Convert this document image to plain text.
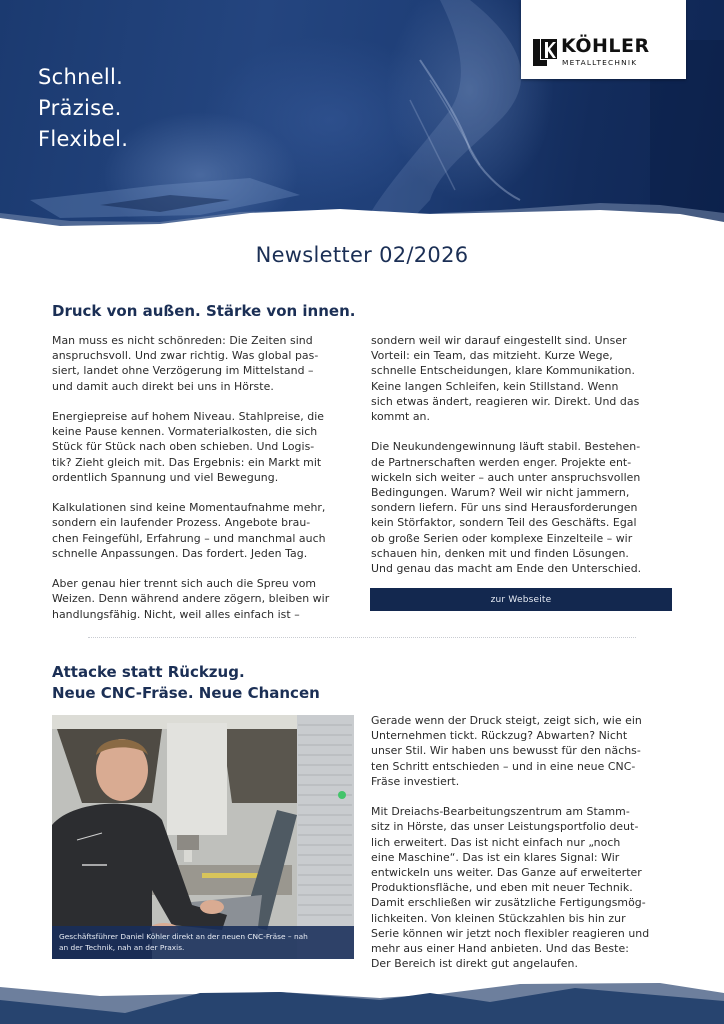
Schnell.
Präzise.
Flexibel.
KÖHLER
METALLTECHNIK
Newsletter 02/2026
Druck von außen. Stärke von innen.

Man muss es nicht schönreden: Die Zeiten sind
anspruchsvoll. Und zwar richtig. Was global pas-
siert, landet ohne Verzögerung im Mittelstand –
und damit auch direkt bei uns in Hörste.

Energiepreise auf hohem Niveau. Stahlpreise, die
keine Pause kennen. Vormaterialkosten, die sich
Stück für Stück nach oben schieben. Und Logis-
tik? Zieht gleich mit. Das Ergebnis: ein Markt mit
ordentlich Spannung und viel Bewegung.

Kalkulationen sind keine Momentaufnahme mehr,
sondern ein laufender Prozess. Angebote brau-
chen Feingefühl, Erfahrung – und manchmal auch
schnelle Anpassungen. Das fordert. Jeden Tag.

Aber genau hier trennt sich auch die Spreu vom
Weizen. Denn während andere zögern, bleiben wir
handlungsfähig. Nicht, weil alles einfach ist –

sondern weil wir darauf eingestellt sind. Unser
Vorteil: ein Team, das mitzieht. Kurze Wege,
schnelle Entscheidungen, klare Kommunikation.
Keine langen Schleifen, kein Stillstand. Wenn
sich etwas ändert, reagieren wir. Direkt. Und das
kommt an.

Die Neukundengewinnung läuft stabil. Bestehen-
de Partnerschaften werden enger. Projekte ent-
wickeln sich weiter – auch unter anspruchsvollen
Bedingungen. Warum? Weil wir nicht jammern,
sondern liefern. Für uns sind Herausforderungen
kein Störfaktor, sondern Teil des Geschäfts. Egal
ob große Serien oder komplexe Einzelteile – wir
schauen hin, denken mit und finden Lösungen.
Und genau das macht am Ende den Unterschied.

zur Webseite
Attacke statt Rückzug.
Neue CNC-Fräse. Neue Chancen
Geschäftsführer Daniel Köhler direkt an der neuen CNC-Fräse – nah
an der Technik, nah an der Praxis.

Gerade wenn der Druck steigt, zeigt sich, wie ein
Unternehmen tickt. Rückzug? Abwarten? Nicht
unser Stil. Wir haben uns bewusst für den nächs-
ten Schritt entschieden – und in eine neue CNC-
Fräse investiert.

Mit Dreiachs-Bearbeitungszentrum am Stamm-
sitz in Hörste, das unser Leistungsportfolio deut-
lich erweitert. Das ist nicht einfach nur „noch
eine Maschine“. Das ist ein klares Signal: Wir
entwickeln uns weiter. Das Ganze auf erweiterter
Produktionsfläche, und eben mit neuer Technik.
Damit erschließen wir zusätzliche Fertigungsmög-
lichkeiten. Von kleinen Stückzahlen bis hin zur
Serie können wir jetzt noch flexibler reagieren und
mehr aus einer Hand anbieten. Und das Beste:
Der Bereich ist direkt gut angelaufen.
